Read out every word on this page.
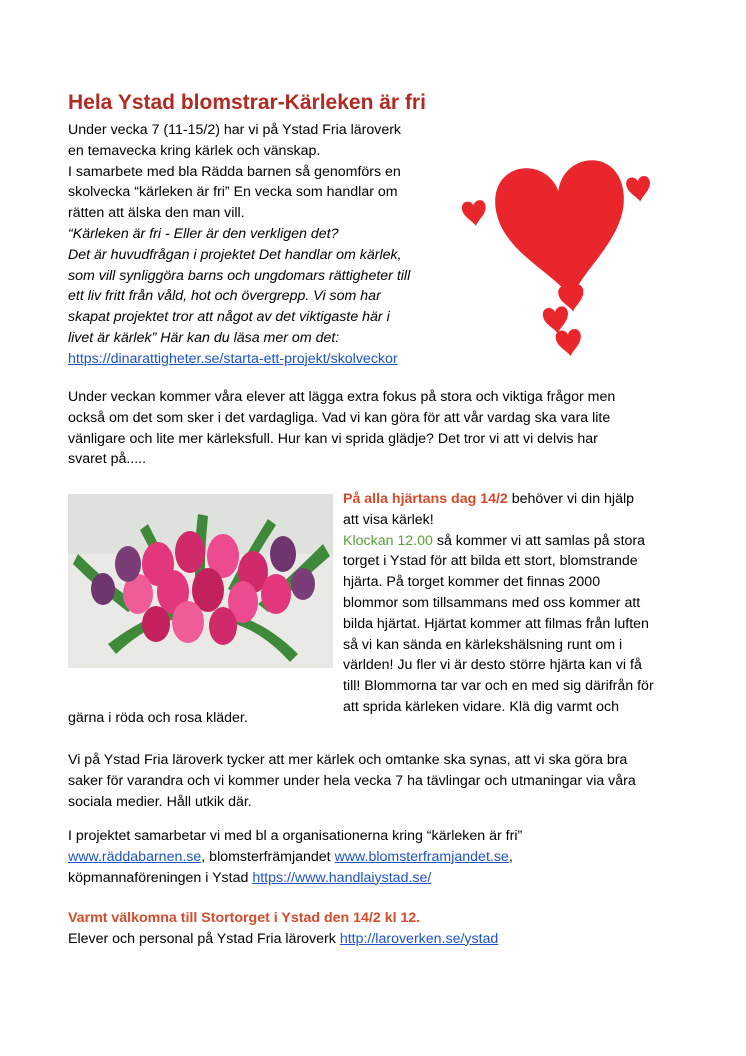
Hela Ystad blomstrar-Kärleken är fri

Under vecka 7 (11-15/2) har vi på Ystad Fria läroverk

en temavecka kring kärlek och vänskap.

I samarbete med bla Rädda barnen så genomförs en

skolvecka “kärleken är fri” En vecka som handlar om

rätten att älska den man vill.

“Kärleken är fri - Eller är den verkligen det?

Det är huvudfrågan i projektet Det handlar om kärlek,

som vill synliggöra barns och ungdomars rättigheter till

ett liv fritt från våld, hot och övergrepp. Vi som har

skapat projektet tror att något av det viktigaste här i

livet är kärlek” Här kan du läsa mer om det:

https://dinarattigheter.se/starta-ett-projekt/skolveckor

Under veckan kommer våra elever att lägga extra fokus på stora och viktiga frågor men
också om det som sker i det vardagliga. Vad vi kan göra för att vår vardag ska vara lite
vänligare och lite mer kärleksfull. Hur kan vi sprida glädje? Det tror vi att vi delvis har
svaret på.....
På alla hjärtans dag 14/2 behöver vi din hjälp
att visa kärlek!
Klockan 12.00 så kommer vi att samlas på stora
torget i Ystad för att bilda ett stort, blomstrande
hjärta. På torget kommer det finnas 2000
blommor som tillsammans med oss kommer att
bilda hjärtat. Hjärtat kommer att filmas från luften
så vi kan sända en kärlekshälsning runt om i
världen! Ju fler vi är desto större hjärta kan vi få
till! Blommorna tar var och en med sig därifrån för
att sprida kärleken vidare. Klä dig varmt och
gärna i röda och rosa kläder.
Vi på Ystad Fria läroverk tycker att mer kärlek och omtanke ska synas, att vi ska göra bra
saker för varandra och vi kommer under hela vecka 7 ha tävlingar och utmaningar via våra
sociala medier. Håll utkik där.
I projektet samarbetar vi med bl a organisationerna kring “kärleken är fri”
www.räddabarnen.se, blomsterfrämjandet www.blomsterframjandet.se,
köpmannaföreningen i Ystad https://www.handlaiystad.se/
Varmt välkomna till Stortorget i Ystad den 14/2 kl 12.
Elever och personal på Ystad Fria läroverk http://laroverken.se/ystad
